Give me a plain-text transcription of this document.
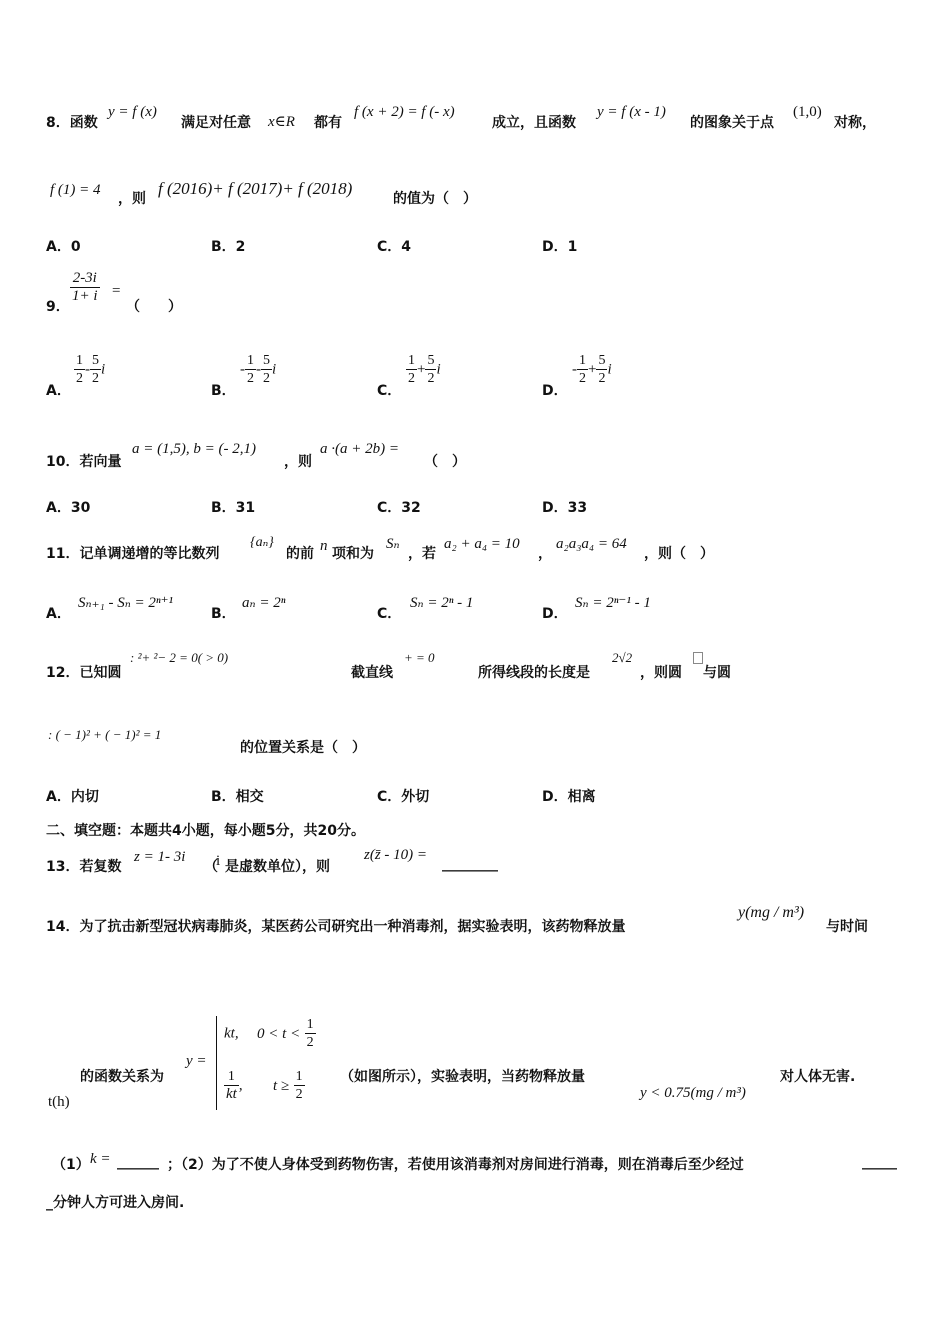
8．函数
y = f (x)
满足对任意 x∈R 都有
f (x + 2) = f (- x)
成立，且函数
y = f (x - 1)
的图象关于点
(1,0)
对称，
f (1) = 4
，则
f (2016)+ f (2017)+ f (2018)
的值为（　）
A．0	B．2	C．4	D．1
9．
$\frac{2-3i}{1+ i}$ =
（　　）
A．
$\frac{1}{2} - \frac{5}{2}$ i
B．
- $\frac{1}{2} - \frac{5}{2}$ i
C．
$\frac{1}{2} + \frac{5}{2}$ i
D．
- $\frac{1}{2} + \frac{5}{2}$ i
10．若向量
a = (1,5), b = (- 2,1)
，则
a ·(a + 2b) =
（　）
A．30	B．31	C．32	D．33
11．记单调递增的等比数列
{aₙ}
的前 n 项和为
Sₙ
，若
a₂ + a₄ = 10
，
a₂a₃a₄ = 64
，则（　）
A．
Sₙ₊₁ - Sₙ = 2ⁿ⁺¹
B．
aₙ = 2ⁿ
C．
Sₙ = 2ⁿ - 1
D．
Sₙ = 2ⁿ⁻¹ - 1
12．已知圆
: ²+ ²− 2 = 0( > 0)
截直线
+ = 0
所得线段的长度是
2√2
，则圆 与圆
: ( − 1)² + ( − 1)² = 1
的位置关系是（　）
A．内切	B．相交	C．外切	D．相离
二、填空题：本题共4小题，每小题5分，共20分。
13．若复数
z = 1- 3i
（
i 是虚数单位），则
z(z̄ - 10) =
________
14．为了抗击新型冠状病毒肺炎，某医药公司研究出一种消毒剂，据实验表明，该药物释放量
y(mg / m³)
与时间
t(h)
的函数关系为
y =
kt, $0 < t < \frac{1}{2}$
$\frac{1}{kt}$ , $t \ge \frac{1}{2}$	（如图所示），实验表明，当药物释放量
y < 0.75(mg / m³)
对人体无害.
（1） k = ______ ；（2）为了不使人身体受到药物伤害，若使用该消毒剂对房间进行消毒，则在消毒后至少经过	_____
_分钟人方可进入房间.
